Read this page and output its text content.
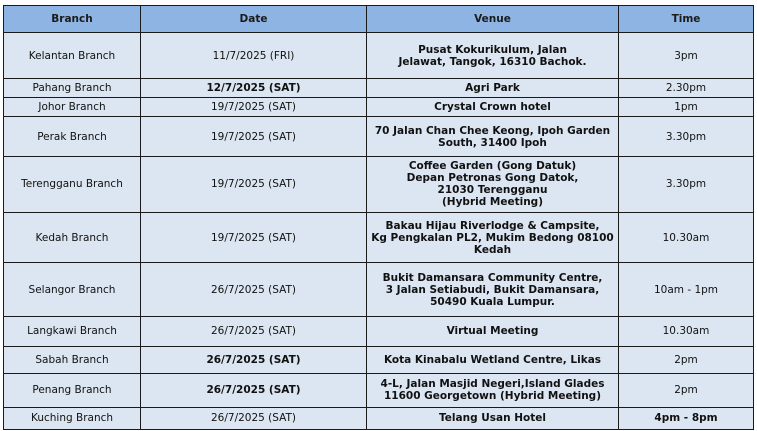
Branch	Date	Venue	Time
Kelantan Branch	11/7/2025 (FRI)	Pusat Kokurikulum, Jalan
Jelawat, Tangok, 16310 Bachok.	3pm
Pahang Branch	12/7/2025 (SAT)	Agri Park	2.30pm
Johor Branch	19/7/2025 (SAT)	Crystal Crown hotel	1pm
Perak Branch	19/7/2025 (SAT)	70 Jalan Chan Chee Keong, Ipoh Garden
South, 31400 Ipoh	3.30pm
Terengganu Branch	19/7/2025 (SAT)	Coffee Garden (Gong Datuk)
Depan Petronas Gong Datok,
21030 Terengganu
(Hybrid Meeting)	3.30pm
Kedah Branch	19/7/2025 (SAT)	Bakau Hijau Riverlodge & Campsite,
Kg Pengkalan PL2, Mukim Bedong 08100
Kedah	10.30am
Selangor Branch	26/7/2025 (SAT)	Bukit Damansara Community Centre,
3 Jalan Setiabudi, Bukit Damansara,
50490 Kuala Lumpur.	10am - 1pm
Langkawi Branch	26/7/2025 (SAT)	Virtual Meeting	10.30am
Sabah Branch	26/7/2025 (SAT)	Kota Kinabalu Wetland Centre, Likas	2pm
Penang Branch	26/7/2025 (SAT)	4-L, Jalan Masjid Negeri,Island Glades
11600 Georgetown (Hybrid Meeting)	2pm
Kuching Branch	26/7/2025 (SAT)	Telang Usan Hotel	4pm - 8pm
